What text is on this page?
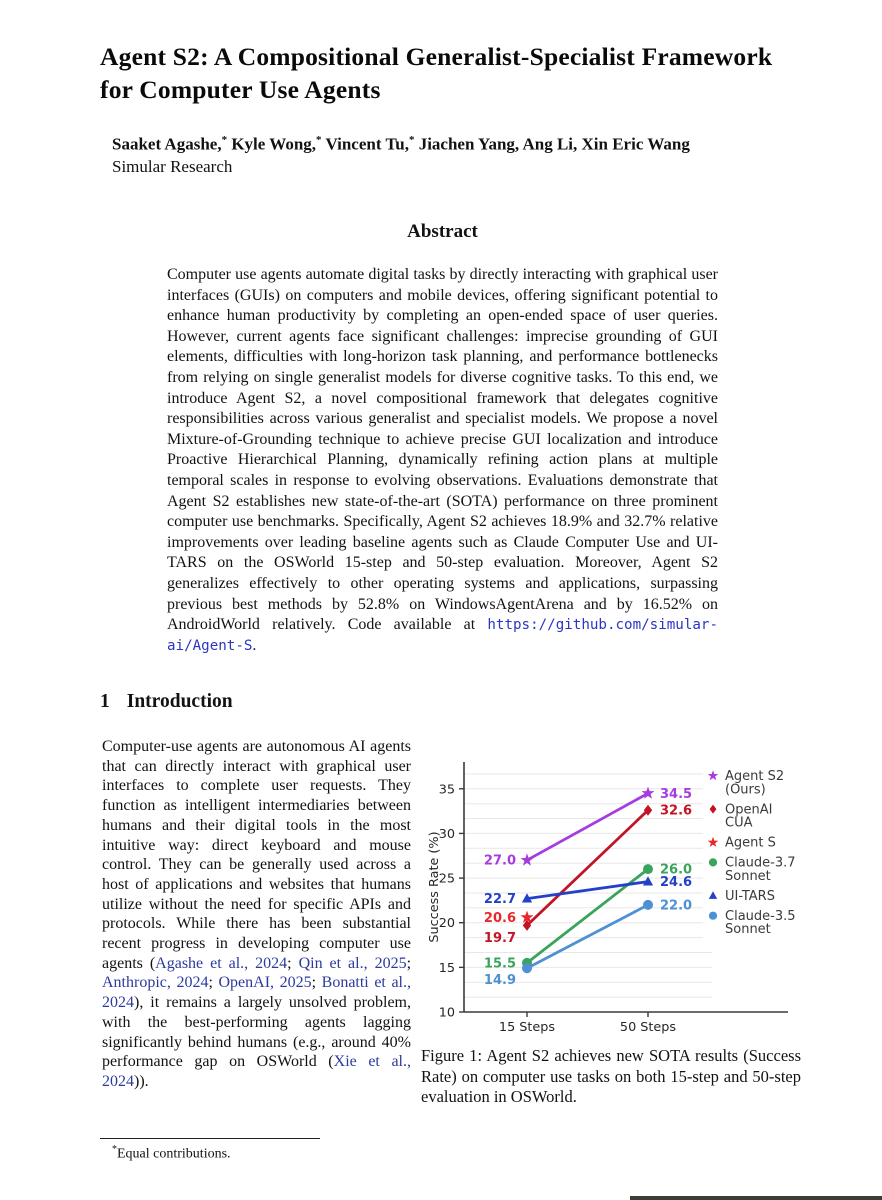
Agent S2: A Compositional Generalist-Specialist Framework
for Computer Use Agents
Saaket Agashe,* Kyle Wong,* Vincent Tu,* Jiachen Yang, Ang Li, Xin Eric Wang
Simular Research
Abstract
Computer use agents automate digital tasks by directly interacting with graphical user interfaces (GUIs) on computers and mobile devices, offering significant potential to enhance human productivity by completing an open-ended space of user queries. However, current agents face significant challenges: imprecise grounding of GUI elements, difficulties with long-horizon task planning, and performance bottlenecks from relying on single generalist models for diverse cognitive tasks. To this end, we introduce Agent S2, a novel compositional framework that delegates cognitive responsibilities across various generalist and specialist models. We propose a novel Mixture-of-Grounding technique to achieve precise GUI localization and introduce Proactive Hierarchical Planning, dynamically refining action plans at multiple temporal scales in response to evolving observations. Evaluations demonstrate that Agent S2 establishes new state-of-the-art (SOTA) performance on three prominent computer use benchmarks. Specifically, Agent S2 achieves 18.9% and 32.7% relative improvements over leading baseline agents such as Claude Computer Use and UI-TARS on the OSWorld 15-step and 50-step evaluation. Moreover, Agent S2 generalizes effectively to other operating systems and applications, surpassing previous best methods by 52.8% on WindowsAgentArena and by 16.52% on AndroidWorld relatively. Code available at https://github.com/simular-ai/Agent-S.
1 Introduction
Computer-use agents are autonomous AI agents that can directly interact with graphical user interfaces to complete user requests. They function as intelligent intermediaries between humans and their digital tools in the most intuitive way: direct keyboard and mouse control. They can be generally used across a host of applications and websites that humans utilize without the need for specific APIs and protocols. While there has been substantial recent progress in developing computer use agents (Agashe et al., 2024; Qin et al., 2025; Anthropic, 2024; OpenAI, 2025; Bonatti et al., 2024), it remains a largely unsolved problem, with the best-performing agents lagging significantly behind humans (e.g., around 40% performance gap on OSWorld (Xie et al., 2024)).
10
15
20
25
30
35
15 Steps	50 Steps
Success Rate (%)	27.0
34.5
19.7
32.6
20.6
15.5
26.0
22.7
24.6
14.9
22.0
Agent S2
(Ours)
OpenAI
CUA
Agent S
Claude-3.7
Sonnet
UI-TARS
Claude-3.5
Sonnet
Figure 1: Agent S2 achieves new SOTA results (Success Rate) on computer use tasks on both 15-step and 50-step evaluation in OSWorld.
*Equal contributions.
